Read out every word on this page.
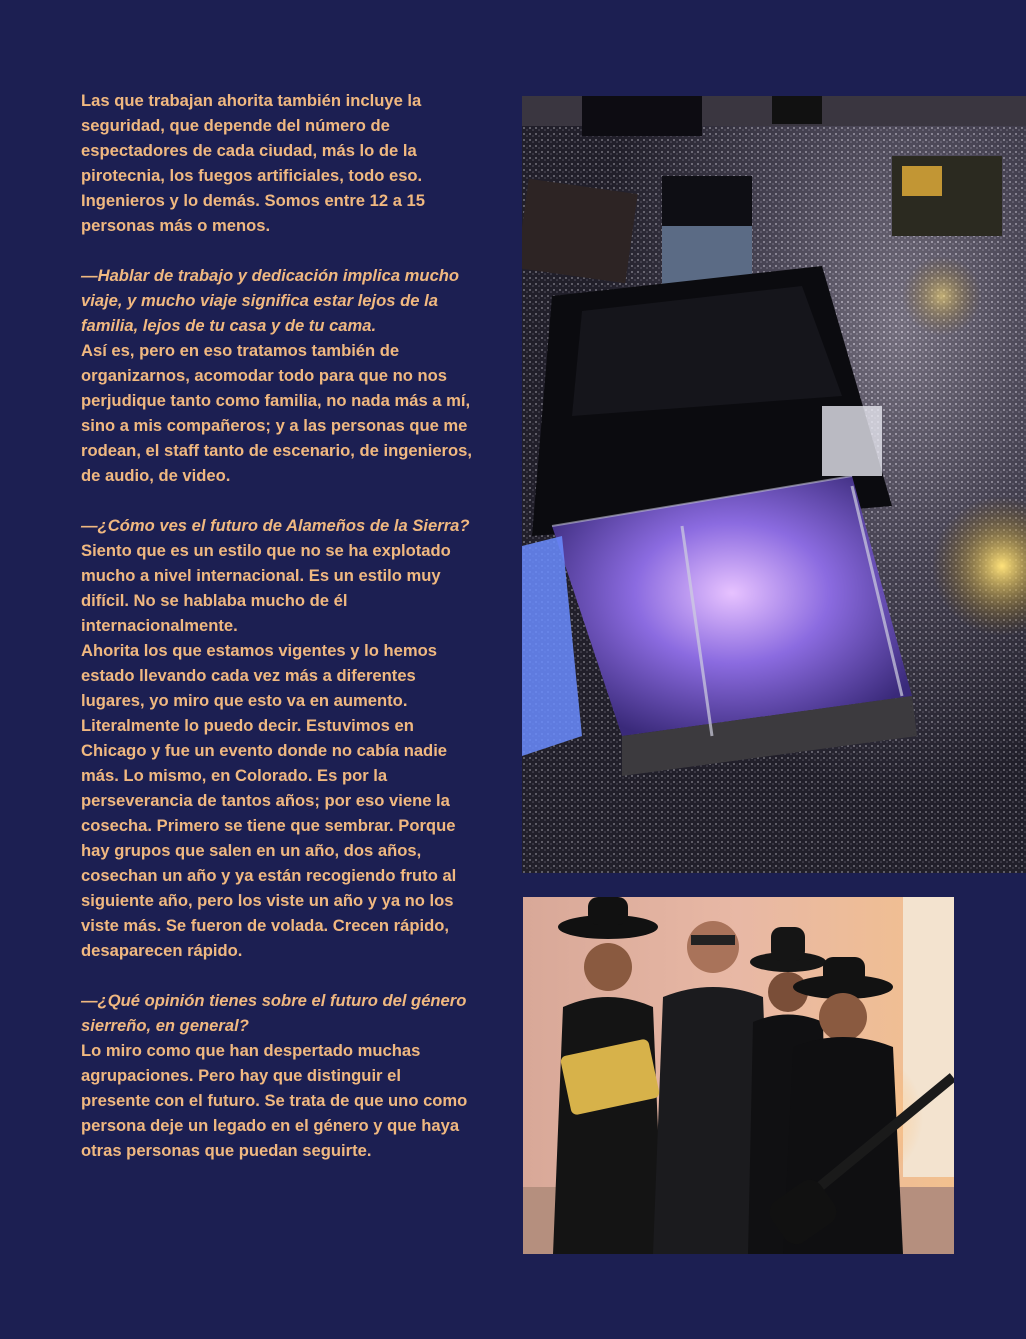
Las que trabajan ahorita también incluye la seguridad, que depende del número de espectadores de cada ciudad, más lo de la pirotecnia, los fuegos artificiales, todo eso. Ingenieros y lo demás. Somos entre 12 a 15 personas más o menos.

—Hablar de trabajo y dedicación implica mucho viaje, y mucho viaje significa estar lejos de la familia, lejos de tu casa y de tu cama.

Así es, pero en eso tratamos también de organizarnos, acomodar todo para que no nos perjudique tanto como familia, no nada más a mí, sino a mis compañeros; y a las personas que me rodean, el staff tanto de escenario, de ingenieros, de audio, de video.

—¿Cómo ves el futuro de Alameños de la Sierra?

Siento que es un estilo que no se ha explotado mucho a nivel internacional. Es un estilo muy difícil. No se hablaba mucho de él internacionalmente.

Ahorita los que estamos vigentes y lo hemos estado llevando cada vez más a diferentes lugares, yo miro que esto va en aumento. Literalmente lo puedo decir. Estuvimos en Chicago y fue un evento donde no cabía nadie más. Lo mismo, en Colorado. Es por la perseverancia de tantos años; por eso viene la cosecha. Primero se tiene que sembrar. Porque hay grupos que salen en un año, dos años, cosechan un año y ya están recogiendo fruto al siguiente año, pero los viste un año y ya no los viste más. Se fueron de volada. Crecen rápido, desaparecen rápido.

—¿Qué opinión tienes sobre el futuro del género sierreño, en general?

Lo miro como que han despertado muchas agrupaciones. Pero hay que distinguir el presente con el futuro. Se trata de que uno como persona deje un legado en el género y que haya otras personas que puedan seguirte.
